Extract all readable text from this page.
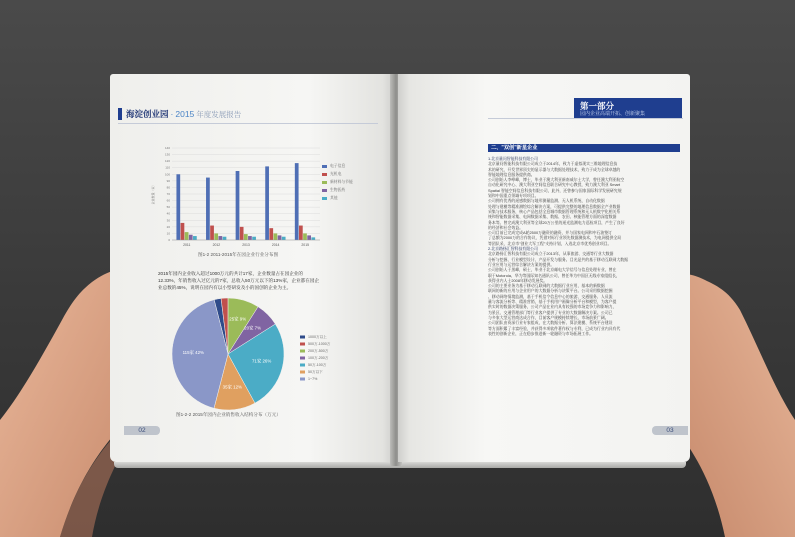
海淀创业园 · 2015 年度发展报告
0
10
20
30
40
50
60
70
80
90
100
110
120
130
140
企业数量（家）
2011	2012	2013	2014	2015
电子信息
光机电
新材料与节能
生物医药
其他
图1-2 2011-2015年在园企业行业分布图
2015年园内企业收入超过1000万元的共计17家，企业数量占在园企业的
12.33%，年销售收入过亿元的7家，总收入50万元以下的13%家，企业都在园企
业总数的45%，说明在园内有以小型研发及小的国创的企业为主。
25家 9%
20家 7%
71家 26%
35家 12%
115家 42%
1000万以上
500万-1000万
200万-500万
100万-200万
50万-100万
50万以下
1~7%
图1-2-2 2015年园内企业销售收入结构分布（万元）
02
第一部分
园内企业高端开拓、创新聚集
二、"双创"新星企业
1.北京量问智能科技有限公司
北京量问智能科技有限公司成立于2014年，致力于虚拟现实三维地理信息技
术的研究，开发世界顶尖的显示器与大数据处理技术，致力于成为全球卓越的
智能地理信息服务提供商。
公司创始人李峥峰，博士，毕业于澳大利亚新南威尔士大学，曾任澳大利亚航空
自动化研究中心、澳大利亚空间信息联合研究中心教授，致力澳大利亚 Smart
Spatial 智能空间信息科技有限公司，此外，还曾参与国家国际科学发展研究规
划和中国重点领域专项项目。
公司拥有优秀的遥感数据与地形测量监测、无人机系统、自动化数据
处理与建模等精准测绘综合解决方案，可提供完整的地理信息数据全产业数据
采集与技术服务，核心产品包括全息城市数据管理系统和无人机数字化相关系
统和智能数据采集、电网数据采集、数据、农田、核能管理方面的深度数据
务本等。曾完成澳大利亚等全球20万公里的遥光监测电力巡检项目，产生了良好
的经济和社会效益。
公司目前已完成完成A轮2500万融资的融资，并与国家电网和中石油签订
了总额为2000万的合作协议，凭借对标行业领先数据测技术，为电网提供全局
等团队采，北京市"创业大军工程"支持计划，入选北京市优秀创业项目。
2.北京路扬汇智科技有限公司
北京路扬汇智科技有限公司成立于2013年，从事旅游、交通等行业大数据
分析与挖掘、行业模型设计、产品开发与服务。目光是共的基于移动互联网大数据
行业应用与运营综合解决方案的提供。
公司创始人于黑峰，硕士，毕业于北京邮电大学信号与信息处理专业，曾在
职于Motorola、华为等国际知名通讯公司，曾任华为中国区无线专家组组长，
获得业内人士2008年移动发展奖。
公司的主要业务为基于移动互联网的大数据行业应用，基本的新数据
联网的新的应用与企业用户的大数据分析与决策平台。公司采用数据挖掘
、移动网络情境监测，基于手机信令信息中心的旅游、交通服务、人员流
量与客流分析等、精准营销，基于手机用户画像分析平台和模型，为客户提
供实时的数据决策服务，公司产品在业内具有较强的市场竞争力和影响力，
为景区、交通管理部门等行业客户提供了专业的大数据解决方案。公司已
与多家大型运营商达成合作，目前客户规模持续增长，市场前景广阔。
公司团队由资深行业专家组成，在大数据分析、算法建模、系统平台建设
等方面积累了丰富经验，并获得多项软件著作权与专利，已成为行业内具有代
表性的创新企业，正在稳步推进新一轮融资与市场拓展工作。
03
